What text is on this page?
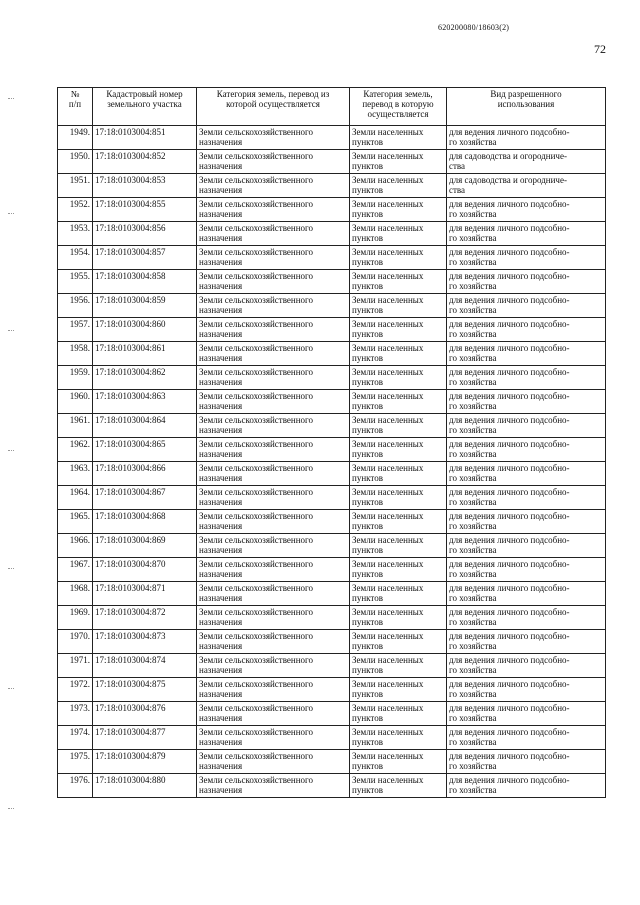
620200080/18603(2)
72
№
п/п	Кадастровый номер
земельного участка	Категория земель, перевод из
которой осуществляется	Категория земель,
перевод в которую
осуществляется	Вид разрешенного
использования

1949.	17:18:0103004:851	Земли сельскохозяйственного
назначения	Земли населенных
пунктов	для ведения личного подсобно-
го хозяйства

1950.	17:18:0103004:852	Земли сельскохозяйственного
назначения	Земли населенных
пунктов	для садоводства и огородниче-
ства

1951.	17:18:0103004:853	Земли сельскохозяйственного
назначения	Земли населенных
пунктов	для садоводства и огородниче-
ства

1952.	17:18:0103004:855	Земли сельскохозяйственного
назначения	Земли населенных
пунктов	для ведения личного подсобно-
го хозяйства

1953.	17:18:0103004:856	Земли сельскохозяйственного
назначения	Земли населенных
пунктов	для ведения личного подсобно-
го хозяйства

1954.	17:18:0103004:857	Земли сельскохозяйственного
назначения	Земли населенных
пунктов	для ведения личного подсобно-
го хозяйства

1955.	17:18:0103004:858	Земли сельскохозяйственного
назначения	Земли населенных
пунктов	для ведения личного подсобно-
го хозяйства

1956.	17:18:0103004:859	Земли сельскохозяйственного
назначения	Земли населенных
пунктов	для ведения личного подсобно-
го хозяйства

1957.	17:18:0103004:860	Земли сельскохозяйственного
назначения	Земли населенных
пунктов	для ведения личного подсобно-
го хозяйства

1958.	17:18:0103004:861	Земли сельскохозяйственного
назначения	Земли населенных
пунктов	для ведения личного подсобно-
го хозяйства

1959.	17:18:0103004:862	Земли сельскохозяйственного
назначения	Земли населенных
пунктов	для ведения личного подсобно-
го хозяйства

1960.	17:18:0103004:863	Земли сельскохозяйственного
назначения	Земли населенных
пунктов	для ведения личного подсобно-
го хозяйства

1961.	17:18:0103004:864	Земли сельскохозяйственного
назначения	Земли населенных
пунктов	для ведения личного подсобно-
го хозяйства

1962.	17:18:0103004:865	Земли сельскохозяйственного
назначения	Земли населенных
пунктов	для ведения личного подсобно-
го хозяйства

1963.	17:18:0103004:866	Земли сельскохозяйственного
назначения	Земли населенных
пунктов	для ведения личного подсобно-
го хозяйства

1964.	17:18:0103004:867	Земли сельскохозяйственного
назначения	Земли населенных
пунктов	для ведения личного подсобно-
го хозяйства

1965.	17:18:0103004:868	Земли сельскохозяйственного
назначения	Земли населенных
пунктов	для ведения личного подсобно-
го хозяйства

1966.	17:18:0103004:869	Земли сельскохозяйственного
назначения	Земли населенных
пунктов	для ведения личного подсобно-
го хозяйства

1967.	17:18:0103004:870	Земли сельскохозяйственного
назначения	Земли населенных
пунктов	для ведения личного подсобно-
го хозяйства

1968.	17:18:0103004:871	Земли сельскохозяйственного
назначения	Земли населенных
пунктов	для ведения личного подсобно-
го хозяйства

1969.	17:18:0103004:872	Земли сельскохозяйственного
назначения	Земли населенных
пунктов	для ведения личного подсобно-
го хозяйства

1970.	17:18:0103004:873	Земли сельскохозяйственного
назначения	Земли населенных
пунктов	для ведения личного подсобно-
го хозяйства

1971.	17:18:0103004:874	Земли сельскохозяйственного
назначения	Земли населенных
пунктов	для ведения личного подсобно-
го хозяйства

1972.	17:18:0103004:875	Земли сельскохозяйственного
назначения	Земли населенных
пунктов	для ведения личного подсобно-
го хозяйства

1973.	17:18:0103004:876	Земли сельскохозяйственного
назначения	Земли населенных
пунктов	для ведения личного подсобно-
го хозяйства

1974.	17:18:0103004:877	Земли сельскохозяйственного
назначения	Земли населенных
пунктов	для ведения личного подсобно-
го хозяйства

1975.	17:18:0103004:879	Земли сельскохозяйственного
назначения	Земли населенных
пунктов	для ведения личного подсобно-
го хозяйства

1976.	17:18:0103004:880	Земли сельскохозяйственного
назначения	Земли населенных
пунктов	для ведения личного подсобно-
го хозяйства
